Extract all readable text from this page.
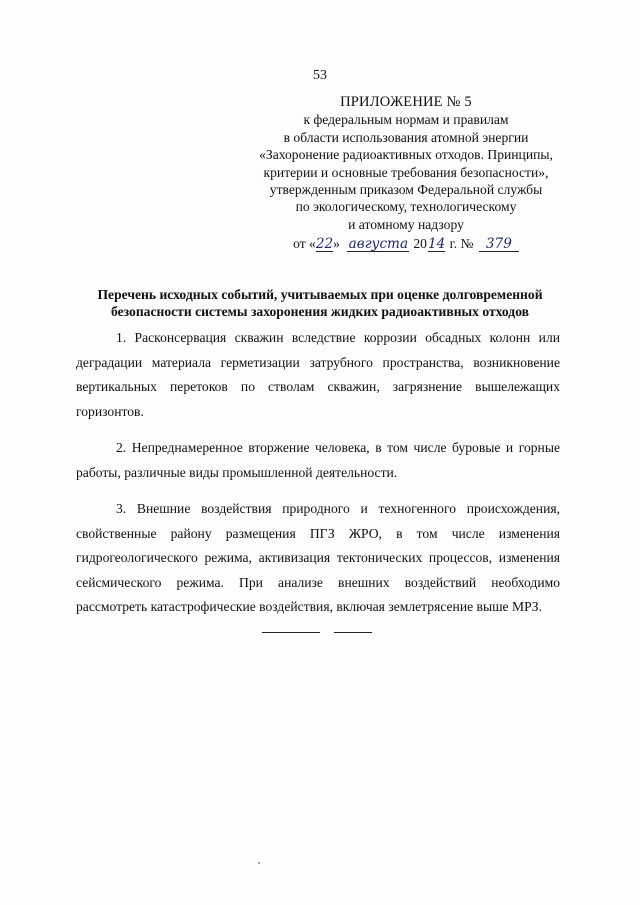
53
ПРИЛОЖЕНИЕ № 5
к федеральным нормам и правилам
в области использования атомной энергии
«Захоронение радиоактивных отходов. Принципы,
критерии и основные требования безопасности»,
утвержденным приказом Федеральной службы
по экологическому, технологическому
и атомному надзору
от «22» августа 2014 г. № 379
Перечень исходных событий, учитываемых при оценке долговременной безопасности системы захоронения жидких радиоактивных отходов

1. Расконсервация скважин вследствие коррозии обсадных колонн или деградации материала герметизации затрубного пространства, возникновение вертикальных перетоков по стволам скважин, загрязнение вышележащих горизонтов.

2. Непреднамеренное вторжение человека, в том числе буровые и горные работы, различные виды промышленной деятельности.

3. Внешние воздействия природного и техногенного происхождения, свойственные району размещения ПГЗ ЖРО, в том числе изменения гидрогеологического режима, активизация тектонических процессов, изменения сейсмического режима. При анализе внешних воздействий необходимо рассмотреть катастрофические воздействия, включая землетрясение выше МРЗ.
